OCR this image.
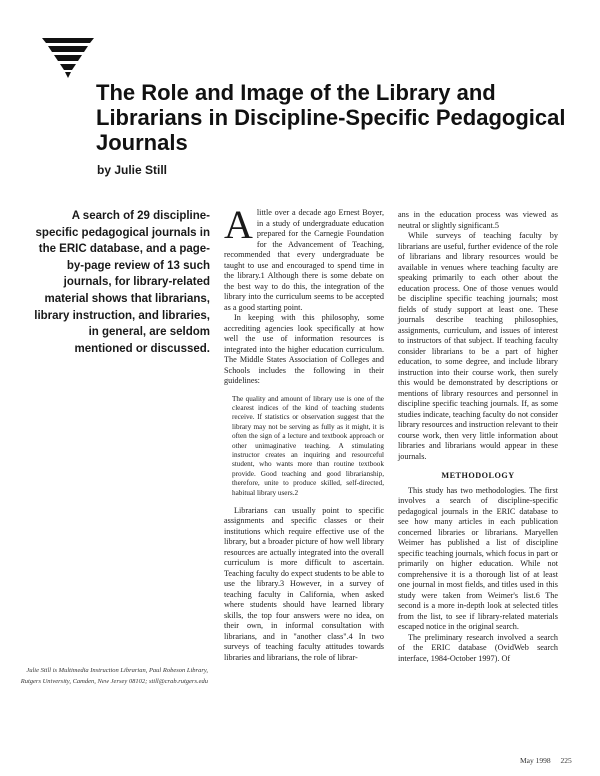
The Role and Image of the Library and Librarians in Discipline-Specific Pedagogical Journals
by Julie Still
A search of 29 discipline-specific pedagogical journals in the ERIC database, and a page-by-page review of 13 such journals, for library-related material shows that librarians, library instruction, and libraries, in general, are seldom mentioned or discussed.
Julie Still is Multimedia Instruction Librarian, Paul Robeson Library, Rutgers University, Camden, New Jersey 08102; still@crab.rutgers.edu

Alittle over a decade ago Ernest Boyer, in a study of undergraduate education prepared for the Carnegie Foundation for the Advancement of Teaching, recommended that every undergraduate be taught to use and encouraged to spend time in the library.1 Although there is some debate on the best way to do this, the integration of the library into the curriculum seems to be accepted as a good starting point.

In keeping with this philosophy, some accrediting agencies look specifically at how well the use of information resources is integrated into the higher education curriculum. The Middle States Association of Colleges and Schools includes the following in their guidelines:

The quality and amount of library use is one of the clearest indices of the kind of teaching students receive. If statistics or observation suggest that the library may not be serving as fully as it might, it is often the sign of a lecture and textbook approach or other unimaginative teaching. A stimulating instructor creates an inquiring and resourceful student, who wants more than routine textbook provide. Good teaching and good librarianship, therefore, unite to produce skilled, self-directed, habitual library users.2

Librarians can usually point to specific assignments and specific classes or their institutions which require effective use of the library, but a broader picture of how well library resources are actually integrated into the overall curriculum is more difficult to ascertain. Teaching faculty do expect students to be able to use the library.3 However, in a survey of teaching faculty in California, when asked where students should have learned library skills, the top four answers were no idea, on their own, in informal consultation with librarians, and in "another class".4 In two surveys of teaching faculty attitudes towards libraries and librarians, the role of librar-

ans in the education process was viewed as neutral or slightly significant.5

While surveys of teaching faculty by librarians are useful, further evidence of the role of librarians and library resources would be available in venues where teaching faculty are speaking primarily to each other about the education process. One of those venues would be discipline specific teaching journals; most fields of study support at least one. These journals describe teaching philosophies, assignments, curriculum, and issues of interest to instructors of that subject. If teaching faculty consider librarians to be a part of higher education, to some degree, and include library instruction into their course work, then surely this would be demonstrated by descriptions or mentions of library resources and personnel in discipline specific teaching journals. If, as some studies indicate, teaching faculty do not consider library resources and instruction relevant to their course work, then very little information about libraries and librarians would appear in these journals.

METHODOLOGY

This study has two methodologies. The first involves a search of discipline-specific pedagogical journals in the ERIC database to see how many articles in each publication concerned libraries or librarians. Maryellen Weimer has published a list of discipline specific teaching journals, which focus in part or primarily on higher education. While not comprehensive it is a thorough list of at least one journal in most fields, and titles used in this study were taken from Weimer's list.6 The second is a more in-depth look at selected titles from the list, to see if library-related materials escaped notice in the original search.

The preliminary research involved a search of the ERIC database (OvidWeb search interface, 1984-October 1997). Of

May 1998 225
